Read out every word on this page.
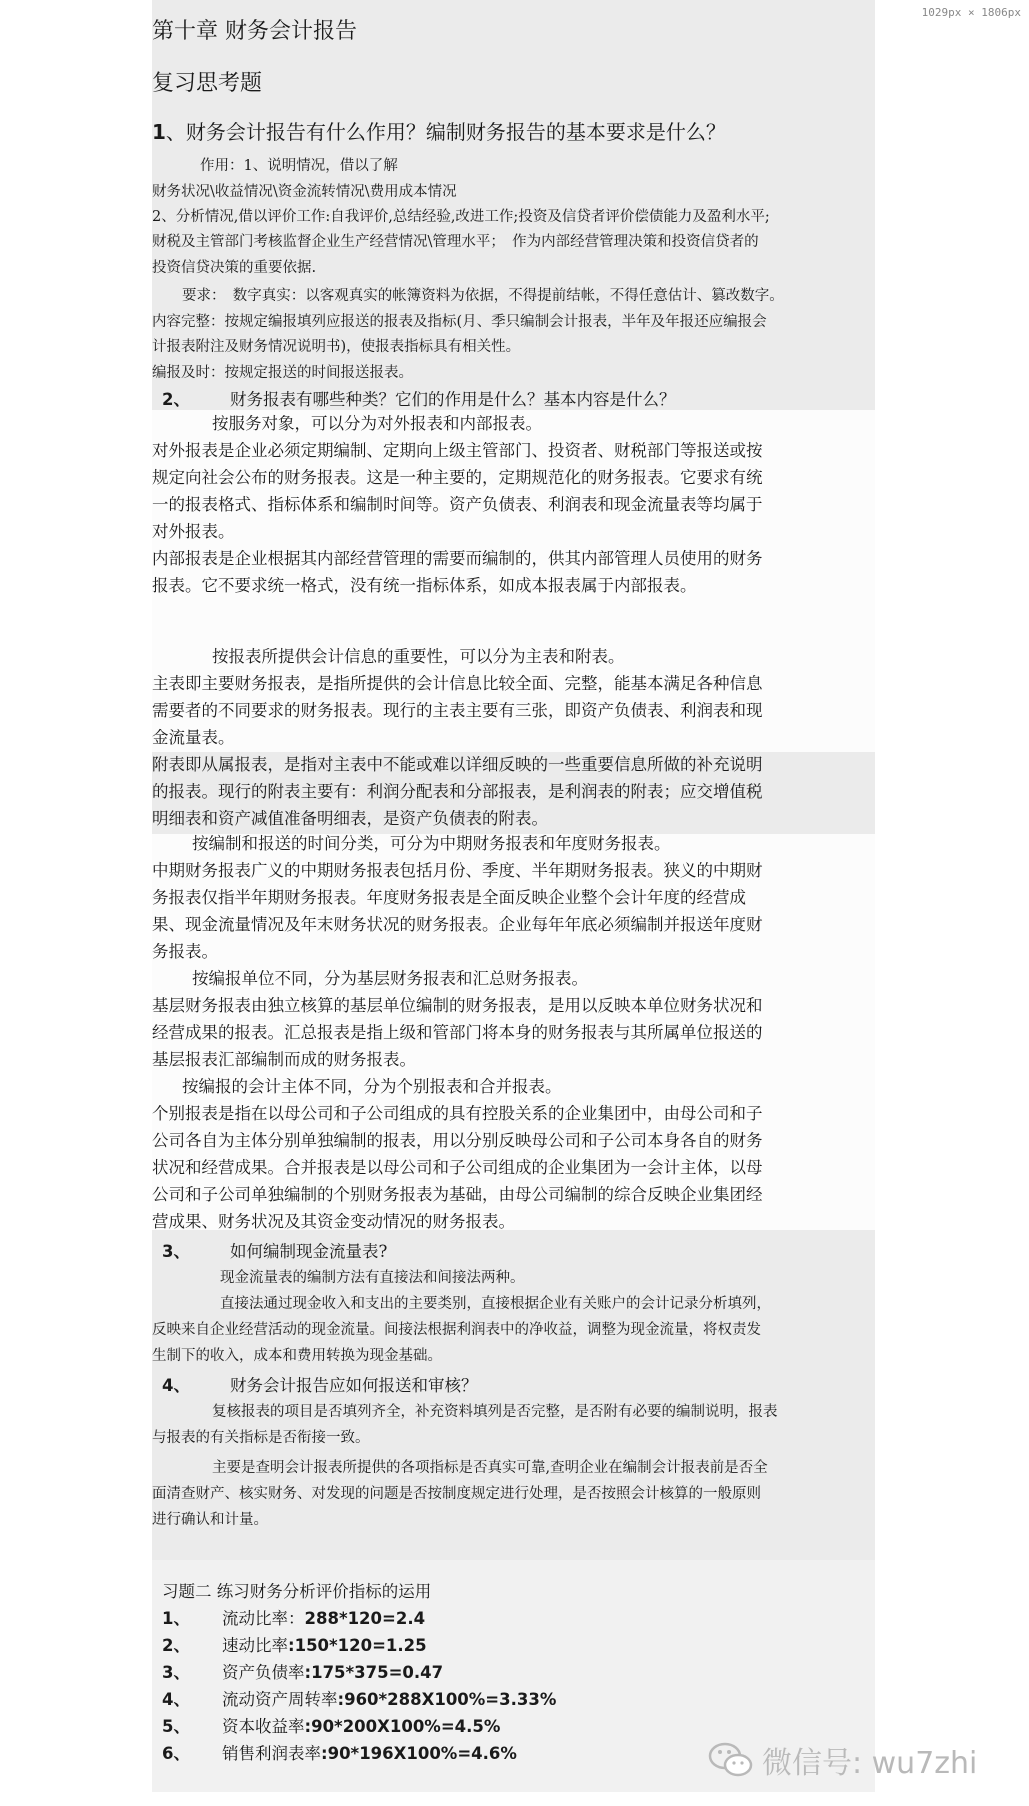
1029px × 1806px
第十章 财务会计报告
复习思考题
1、财务会计报告有什么作用？编制财务报告的基本要求是什么？
作用：1、说明情况，借以了解
财务状况\收益情况\资金流转情况\费用成本情况
2、分析情况,借以评价工作:自我评价,总结经验,改进工作;投资及信贷者评价偿债能力及盈利水平;
财税及主管部门考核监督企业生产经营情况\管理水平；　作为内部经营管理决策和投资信贷者的
投资信贷决策的重要依据.
要求：　数字真实：以客观真实的帐簿资料为依据，不得提前结帐，不得任意估计、篡改数字。
内容完整：按规定编报填列应报送的报表及指标(月、季只编制会计报表，半年及年报还应编报会
计报表附注及财务情况说明书)，使报表指标具有相关性。
编报及时：按规定报送的时间报送报表。
2、 财务报表有哪些种类？它们的作用是什么？基本内容是什么？
按服务对象，可以分为对外报表和内部报表。
对外报表是企业必须定期编制、定期向上级主管部门、投资者、财税部门等报送或按
规定向社会公布的财务报表。这是一种主要的，定期规范化的财务报表。它要求有统
一的报表格式、指标体系和编制时间等。资产负债表、利润表和现金流量表等均属于
对外报表。
内部报表是企业根据其内部经营管理的需要而编制的，供其内部管理人员使用的财务
报表。它不要求统一格式，没有统一指标体系，如成本报表属于内部报表。
按报表所提供会计信息的重要性，可以分为主表和附表。
主表即主要财务报表，是指所提供的会计信息比较全面、完整，能基本满足各种信息
需要者的不同要求的财务报表。现行的主表主要有三张，即资产负债表、利润表和现
金流量表。
附表即从属报表，是指对主表中不能或难以详细反映的一些重要信息所做的补充说明
的报表。现行的附表主要有：利润分配表和分部报表，是利润表的附表；应交增值税
明细表和资产减值准备明细表，是资产负债表的附表。
按编制和报送的时间分类，可分为中期财务报表和年度财务报表。
中期财务报表广义的中期财务报表包括月份、季度、半年期财务报表。狭义的中期财
务报表仅指半年期财务报表。年度财务报表是全面反映企业整个会计年度的经营成
果、现金流量情况及年末财务状况的财务报表。企业每年年底必须编制并报送年度财
务报表。
按编报单位不同，分为基层财务报表和汇总财务报表。
基层财务报表由独立核算的基层单位编制的财务报表，是用以反映本单位财务状况和
经营成果的报表。汇总报表是指上级和管部门将本身的财务报表与其所属单位报送的
基层报表汇部编制而成的财务报表。
按编报的会计主体不同，分为个别报表和合并报表。
个别报表是指在以母公司和子公司组成的具有控股关系的企业集团中，由母公司和子
公司各自为主体分别单独编制的报表，用以分别反映母公司和子公司本身各自的财务
状况和经营成果。合并报表是以母公司和子公司组成的企业集团为一会计主体，以母
公司和子公司单独编制的个别财务报表为基础，由母公司编制的综合反映企业集团经
营成果、财务状况及其资金变动情况的财务报表。
3、 如何编制现金流量表?
现金流量表的编制方法有直接法和间接法两种。
直接法通过现金收入和支出的主要类别，直接根据企业有关账户的会计记录分析填列，
反映来自企业经营活动的现金流量。间接法根据利润表中的净收益，调整为现金流量，将权责发
生制下的收入，成本和费用转换为现金基础。
4、 财务会计报告应如何报送和审核？
复核报表的项目是否填列齐全，补充资料填列是否完整，是否附有必要的编制说明，报表
与报表的有关指标是否衔接一致。
主要是查明会计报表所提供的各项指标是否真实可靠,查明企业在编制会计报表前是否全
面清查财产、核实财务、对发现的问题是否按制度规定进行处理，是否按照会计核算的一般原则
进行确认和计量。
习题二 练习财务分析评价指标的运用
1、 流动比率：288*120=2.4
2、 速动比率:150*120=1.25
3、 资产负债率:175*375=0.47
4、 流动资产周转率:960*288X100%=3.33%
5、 资本收益率:90*200X100%=4.5%
6、 销售利润表率:90*196X100%=4.6%	微信号: wu7zhi
